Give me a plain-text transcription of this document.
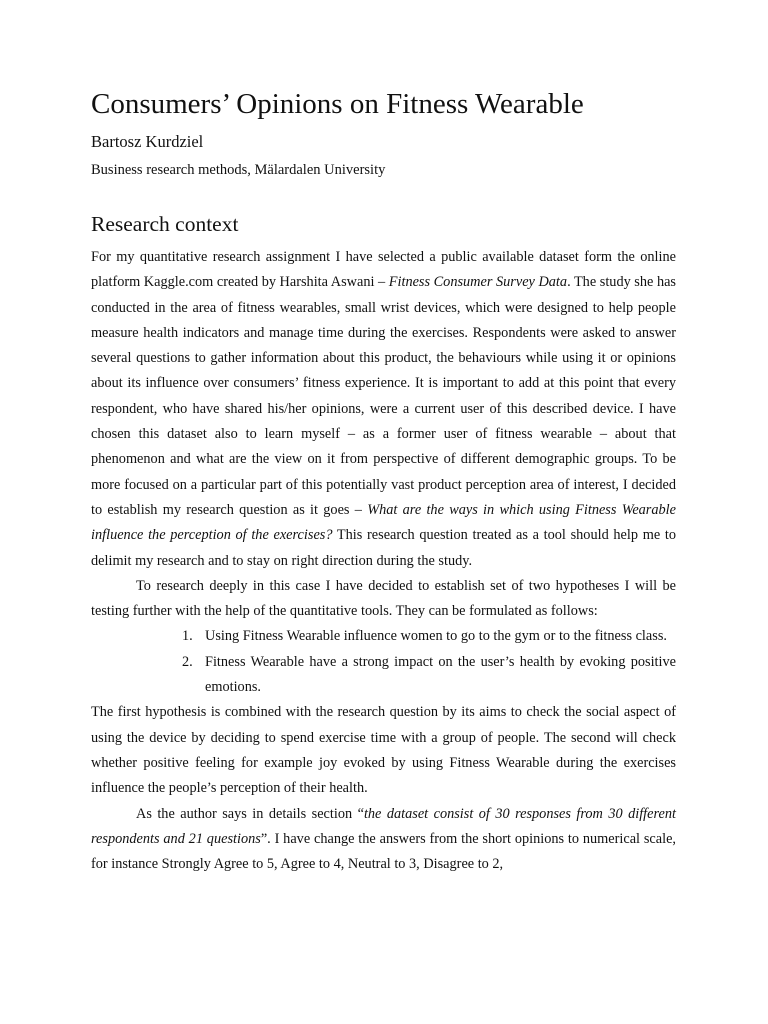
Consumers’ Opinions on Fitness Wearable
Bartosz Kurdziel
Business research methods, Mälardalen University
Research context

For my quantitative research assignment I have selected a public available dataset form the online platform Kaggle.com created by Harshita Aswani – Fitness Consumer Survey Data. The study she has conducted in the area of fitness wearables, small wrist devices, which were designed to help people measure health indicators and manage time during the exercises. Respondents were asked to answer several questions to gather information about this product, the behaviours while using it or opinions about its influence over consumers’ fitness experience. It is important to add at this point that every respondent, who have shared his/her opinions, were a current user of this described device. I have chosen this dataset also to learn myself – as a former user of fitness wearable – about that phenomenon and what are the view on it from perspective of different demographic groups. To be more focused on a particular part of this potentially vast product perception area of interest, I decided to establish my research question as it goes – What are the ways in which using Fitness Wearable influence the perception of the exercises? This research question treated as a tool should help me to delimit my research and to stay on right direction during the study.

To research deeply in this case I have decided to establish set of two hypotheses I will be testing further with the help of the quantitative tools. They can be formulated as follows:

1. Using Fitness Wearable influence women to go to the gym or to the fitness class.
2. Fitness Wearable have a strong impact on the user’s health by evoking positive emotions.

The first hypothesis is combined with the research question by its aims to check the social aspect of using the device by deciding to spend exercise time with a group of people. The second will check whether positive feeling for example joy evoked by using Fitness Wearable during the exercises influence the people’s perception of their health.

As the author says in details section “the dataset consist of 30 responses from 30 different respondents and 21 questions”. I have change the answers from the short opinions to numerical scale, for instance Strongly Agree to 5, Agree to 4, Neutral to 3, Disagree to 2,
